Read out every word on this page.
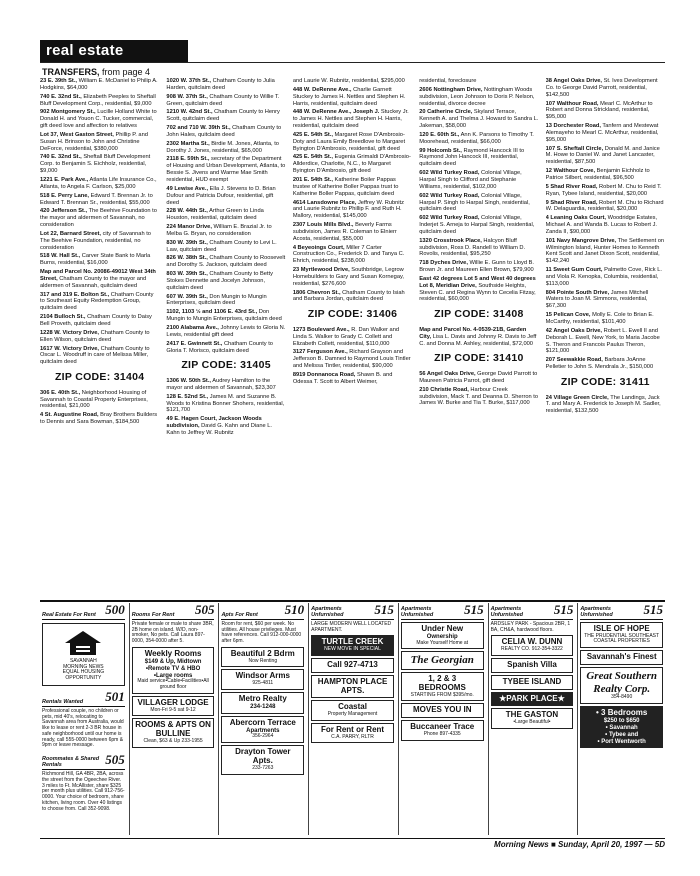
real estate
TRANSFERS, from page 4
23 E. 39th St., William E. McDaniel to Philip A. Hodgkins, $64,000
740 E. 32nd St., Elizabeth Peeples to Sheftall Bluff Development Corp., residential, $9,000
902 Montgomery St., Lucille Holland White to Donald H. and Youon C. Tucker, commercial, gift deed love and affection to relatives
Lot 37, West Gaston Street, Phillip P. and Susan H. Brinson to John and Christine DeForce, residential, $380,000
740 E. 32nd St., Sheftall Bluff Development Corp. to Benjamin S. Eichholz, residential, $9,000
1221 E. Park Ave., Atlanta Life Insurance Co., Atlanta, to Angela F. Carlson, $25,000
518 E. Perry Lane, Edward T. Brennan Jr. to Edward T. Brennan Sr., residential, $55,000
420 Jefferson St., The Beehive Foundation to the mayor and aldermen of Savannah, no consideration
Lot 22, Barnard Street, city of Savannah to The Beehive Foundation, residential, no consideration
518 W. Hall St., Carver State Bank to Marla Burns, residential, $16,000
Map and Parcel No. 20086-49012 West 34th Street, Chatham County to the mayor and aldermen of Savannah, quitclaim deed
317 and 319 E. Bolton St., Chatham County to Southeast Equity Redemption Group, quitclaim deed
2104 Bulloch St., Chatham County to Daisy Bell Proveth, quitclaim deed
1228 W. Victory Drive, Chatham County to Ellen Wilson, quitclaim deed
1617 W. Victory Drive, Chatham County to Oscar L. Woodruff in care of Melissa Miller, quitclaim deed
ZIP CODE: 31404
306 E. 40th St., Neighborhood Housing of Savannah to Coastal Property Enterprises, residential, $21,000
4 St. Augustine Road, Bray Brothers Builders to Dennis and Sara Bowman, $184,500
1020 W. 37th St., Chatham County to Julia Harden, quitclaim deed
908 W. 37th St., Chatham County to Willie T. Green, quitclaim deed
1210 W. 42nd St., Chatham County to Henry Scott, quitclaim deed
702 and 710 W. 39th St., Chatham County to John Hales, quitclaim deed
2302 Martha St., Birdie M. Jones, Atlanta, to Dorothy J. Jones, residential, $65,000
2118 E. 59th St., secretary of the Department of Housing and Urban Development, Atlanta, to Bessie S. Jivens and Warme Mae Smith residential, HUD exempt
49 Lewise Ave., Ella J. Stevens to D. Brian Dufour and Patricia Dufour, residential, gift deed
228 W. 44th St., Arthur Green to Linda Houston, residential, quitclaim deed
224 Manor Drive, William E. Brazial Jr. to Melba G. Bryan, no consideration
830 W. 39th St., Chatham County to Levi L. Law, quitclaim deed
826 W. 38th St., Chatham County to Roosevelt and Dorothy S. Jackson, quitclaim deed
803 W. 39th St., Chatham County to Betty Stokes Dennette and Jocelyn Johnson, quitclaim deed
607 W. 39th St., Don Mungin to Mungin Enterprises, quitclaim deed
1102, 1103 ½ and 1106 E. 43rd St., Don Mungin to Mungin Enterprises, quitclaim deed
2100 Alabama Ave., Johnny Lewis to Gloria N. Lewis, residential gift deed
2417 E. Gwinnett St., Chatham County to Gloria T. Morisco, quitclaim deed
ZIP CODE: 31405
1306 W. 50th St., Audrey Hamilton to the mayor and aldermen of Savannah, $23,307
128 E. 52nd St., James M. and Suzanne B. Woods to Kristina Bonner Shohers, residential, $121,700
49 E. Hagen Court, Jackson Woods subdivision, David G. Kahn and Diane L. Kahn to Jeffrey W. Rubnitz
and Laurie W. Rubnitz, residential, $295,000
448 W. DeRenne Ave., Charlie Garnett Stuckey to James H. Nettles and Stephen H. Harris, residential, quitclaim deed
448 W. DeRenne Ave., Joseph J. Stuckey Jr. to James H. Nettles and Stephen H. Harris, residential, quitclaim deed
425 E. 54th St., Margaret Rose D'Ambrosio-Doty and Laura Emily Breedlove to Margaret Byington D'Ambrosio, residential, gift deed
425 E. 54th St., Eugenia Grimaldi D'Ambrosio-Allderdice, Charlotte, N.C., to Margaret Byington D'Ambrosio, gift deed
201 E. 54th St., Katherine Boiler Pappas trustee of Katherine Boller Pappas trust to Katherine Boller Pappas, quitclaim deed
4614 Lansdowne Place, Jeffrey W. Rubnitz and Laurie Rubnitz to Phillip F. and Ruth H. Mallory, residential, $145,000
2307 Louis Mills Blvd., Beverly Farms subdivision, James R. Coleman to Elnierr Acosta, residential, $55,000
4 Beyeoings Court, Miller 7 Carter Construction Co., Frederick D. and Tanya C. Ehrich, residential, $238,000
23 Myrtlewood Drive, Southbridge, Legrow Homebuilders to Gary and Susan Kornegay, residential, $276,600
1806 Chevron St., Chatham County to Isiah and Barbara Jordan, quitclaim deed
ZIP CODE: 31406
1273 Boulevard Ave., R. Dan Walker and Linda S. Walker to Grady C. Collett and Elizabeth Collett, residential, $110,000
3127 Ferguson Ave., Richard Grayson and Jefferson B. Damned to Raymond Louis Tintler and Melissa Tintler, residential, $90,000
8919 Donnanoca Road, Shawn B. and Odessa T. Scott to Albert Weimer,
residential, foreclosure
2606 Nottingham Drive, Nottingham Woods subdivision, Leon Johnson to Doris P. Nelson, residential, divorce decree
20 Catherine Circle, Skyland Terrace, Kenneth A. and Thelma J. Howard to Sandra L. Jakeman, $58,000
120 E. 60th St., Ann K. Parsons to Timothy T. Moorehead, residential, $66,000
99 Holcomb St., Raymond Hancock III to Raymond John Hancock III, residential, quitclaim deed
602 Wild Turkey Road, Colonial Village, Harpal Singh to Clifford and Stephanie Williams, residential, $102,000
602 Wild Turkey Road, Colonial Village, Harpal P. Singh to Harpal Singh, residential, quitclaim deed
602 Wild Turkey Road, Colonial Village, Inderjet S. Arneja to Harpal Singh, residential, quitclaim deed
1320 Crosstrook Place, Halcyon Bluff subdivision, Ross D. Randell to William D. Rovolis, residential, $95,250
718 Dyches Drive, Willie E. Gunn to Lloyd B. Brown Jr. and Maureen Ellen Brown, $79,900
East 42 degrees Lot 5 and West 40 degrees Lot 8, Meridian Drive, Southside Heights, Steven C. and Regina Wynn to Cecelia Fitzay, residential, $60,000
ZIP CODE: 31408
Map and Parcel No. 4-0539-21B, Garden City, Lisa L. Davis and Johnny R. Davis to Jeff C. and Donna M. Ashley, residential, $72,000
ZIP CODE: 31410
56 Angel Oaks Drive, George David Parrott to Maureen Patricia Parrot, gift deed
210 Christie Road, Harbour Creek subdivision, Mack T. and Deanna D. Sherron to James W. Burke and Tia T. Burke, $117,000
38 Angel Oaks Drive, St. Ives Development Co. to George David Parrott, residential, $142,500
107 Walthour Road, Mearl C. McArthur to Robert and Donna Strickland, residential, $95,000
13 Dorchester Road, Tanfern and Mestewat Alemayeho to Mearl C. McArthur, residential, $95,000
107 S. Sheftall Circle, Donald M. and Janice M. Howe to Daniel W. and Janet Lancaster, residential, $87,500
12 Walthour Cove, Benjamin Eichholz to Patrice Silbert, residential, $96,500
5 Shad River Road, Robert M. Chu to Reid T. Ryan, Tybee Island, residential, $20,000
9 Shad River Road, Robert M. Chu to Richard W. Delaguardia, residential, $20,000
4 Leaning Oaks Court, Woodridge Estates, Michael A. and Wanda B. Lucas to Robert J. Zanda II, $90,000
101 Navy Mangrove Drive, The Settlement on Wilmington Island, Hunter Homes to Kenneth Kent Scott and Janet Dixon Scott, residential, $142,240
11 Sweet Gum Court, Palmetto Cove, Rick L. and Viola R. Kenopka, Columbia, residential, $113,000
804 Pointe South Drive, James Mitchell Waters to Joan M. Simmons, residential, $67,300
15 Pelican Cove, Molly E. Cole to Brian E. McCarthy, residential, $101,400
42 Angel Oaks Drive, Robert L. Ewell II and Deborah L. Ewell, New York, to Maria Jacobe S. Theron and Francois Paulus Theron, $121,000
207 Seewakkie Road, Barbara JoAnne Pelletier to John S. Mendrala Jr., $150,000
ZIP CODE: 31411
24 Village Green Circle, The Landings, Jack T. and Mary A. Frederick to Joseph M. Sadler, residential, $132,500
Real Estate For Rent 500
SAVANNAH
MORNING NEWS
EQUAL HOUSING OPPORTUNITY
Rentals Wanted 501
Professional couple, no children or pets, mid 40's, relocating to Savannah area from Australia, would like to lease or rent 2-3 BR house in safe neighborhood until our home is ready, call 555-0000 between 6pm & 9pm or leave message.
Roommates & Shared Rentals	505
Richmond Hill, GA 4BR, 2BA, across the street from the Ogeechee River. 3 miles to Ft. McAllister, share $325 per month plus utilities. Call 912-756-0000. Your choice of bedroom, share kitchen, living room. Over 40 listings to choose from. Call 352-9098.
Rooms For Rent 505
Private female or male to share 3BR, 2B home on island. W/D, non-smoker, No pets. Call Laura 897-0000, 354-0000 after 5.
Weekly Rooms
$149 & Up, Midtown
•Remote TV & HBO
•Large rooms
Maid service•Cable•Facilities•All ground floor
VILLAGER LODGE
Mon-Fri 9-5 sat 9-12
ROOMS & APTS ON BULLINE
Clean, $63 & Up 233-1955
Apts For Rent 510
Room for rent, $60 per week. No utilities. All house privileges. Must have references. Call 912-000-0000 after 6pm.
Beautiful 2 Bdrm
Now Renting
Windsor Arms
925-4811
Metro Realty
234-1248
Abercorn Terrace
Apartments
356-2964
Drayton Tower Apts.
233-7263
Apartments Unfurnished	515
LARGE MODERN WELL LOCATED APARTMENT.
TURTLE CREEK
NEW MOVE IN SPECIAL
Call 927-4713
HAMPTON PLACE APTS.
Coastal
Property Management
For Rent or Rent
C.A. PARRY, RLTR
Apartments Unfurnished	515
Under New
Ownership
Make Yourself Home at
The Georgian
1, 2 & 3 BEDROOMS
STARTING FROM $395/mo.
MOVES YOU IN
Buccaneer Trace
Phone 897-4335
Apartments Unfurnished	515
ARDSLEY PARK - Spacious 2BR, 1 BA, CH&A, hardwood floors.
CELIA W. DUNN
REALTY CO. 912-354-3322
Spanish Villa
TYBEE ISLAND
★PARK PLACE★
THE GASTON
•Large Beautiful•
Apartments Unfurnished	515
ISLE OF HOPE
THE PRUDENTIAL SOUTHEAST COASTAL PROPERTIES
Savannah's Finest
Great Southern
Realty Corp.
354-8490
• 3 Bedrooms
$250 to $650
• Savannah
• Tybee and
• Port Wentworth
Morning News ■ Sunday, April 20, 1997 — 5D
